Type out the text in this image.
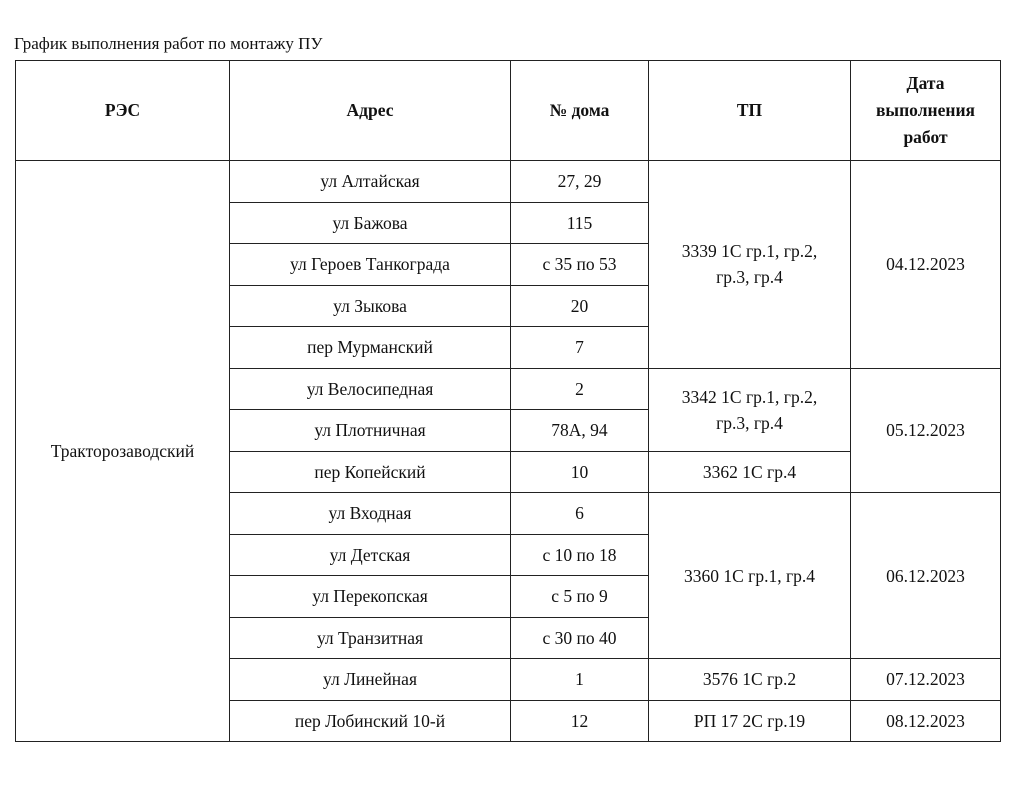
График выполнения работ по монтажу ПУ
РЭС	Адрес	№ дома	ТП	Дата
выполнения
работ
Тракторозаводский	ул Алтайская	27, 29	3339 1С гр.1, гр.2,
гр.3, гр.4	04.12.2023
	ул Бажова	115		
	ул Героев Танкограда	с 35 по 53		
	ул Зыкова	20		
	пер Мурманский	7		
	ул Велосипедная	2	3342 1С гр.1, гр.2,
гр.3, гр.4	05.12.2023
	ул Плотничная	78А, 94		
	пер Копейский	10	3362 1С гр.4	
	ул Входная	6	3360 1С гр.1, гр.4	06.12.2023
	ул Детская	с 10 по 18		
	ул Перекопская	с 5 по 9		
	ул Транзитная	с 30 по 40		
	ул Линейная	1	3576 1С гр.2	07.12.2023
	пер Лобинский 10-й	12	РП 17 2С гр.19	08.12.2023
